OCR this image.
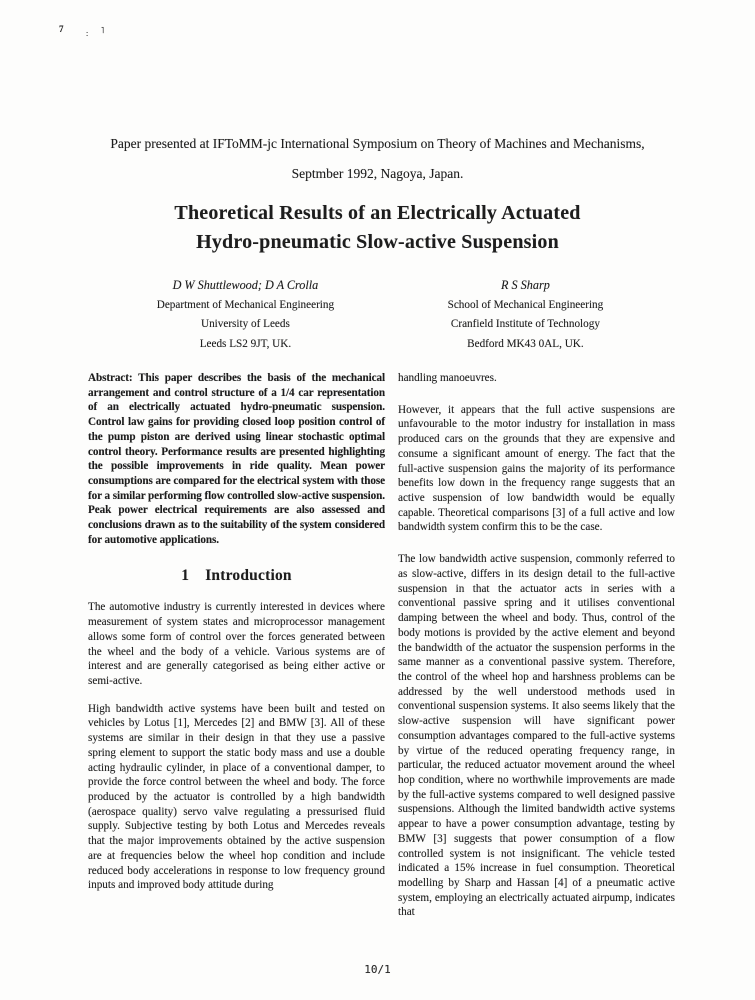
7	: ˥
Paper presented at IFToMM-jc International Symposium on Theory of Machines and Mechanisms,
Septmber 1992, Nagoya, Japan.
Theoretical Results of an Electrically Actuated
Hydro-pneumatic Slow-active Suspension
D W Shuttlewood; D A Crolla
Department of Mechanical Engineering
University of Leeds
Leeds LS2 9JT, UK.
R S Sharp
School of Mechanical Engineering
Cranfield Institute of Technology
Bedford MK43 0AL, UK.

Abstract: This paper describes the basis of the mechanical arrangement and control structure of a 1/4 car representation of an electrically actuated hydro-pneumatic suspension. Control law gains for providing closed loop position control of the pump piston are derived using linear stochastic optimal control theory. Performance results are presented highlighting the possible improvements in ride quality. Mean power consumptions are compared for the electrical system with those for a similar performing flow controlled slow-active suspension. Peak power electrical requirements are also assessed and conclusions drawn as to the suitability of the system considered for automotive applications.

1 Introduction

The automotive industry is currently interested in devices where measurement of system states and microprocessor management allows some form of control over the forces generated between the wheel and the body of a vehicle. Various systems are of interest and are generally categorised as being either active or semi-active.

High bandwidth active systems have been built and tested on vehicles by Lotus [1], Mercedes [2] and BMW [3]. All of these systems are similar in their design in that they use a passive spring element to support the static body mass and use a double acting hydraulic cylinder, in place of a conventional damper, to provide the force control between the wheel and body. The force produced by the actuator is controlled by a high bandwidth (aerospace quality) servo valve regulating a pressurised fluid supply. Subjective testing by both Lotus and Mercedes reveals that the major improvements obtained by the active suspension are at frequencies below the wheel hop condition and include reduced body accelerations in response to low frequency ground inputs and improved body attitude during

handling manoeuvres.

However, it appears that the full active suspensions are unfavourable to the motor industry for installation in mass produced cars on the grounds that they are expensive and consume a significant amount of energy. The fact that the full-active suspension gains the majority of its performance benefits low down in the frequency range suggests that an active suspension of low bandwidth would be equally capable. Theoretical comparisons [3] of a full active and low bandwidth system confirm this to be the case.

The low bandwidth active suspension, commonly referred to as slow-active, differs in its design detail to the full-active suspension in that the actuator acts in series with a conventional passive spring and it utilises conventional damping between the wheel and body. Thus, control of the body motions is provided by the active element and beyond the bandwidth of the actuator the suspension performs in the same manner as a conventional passive system. Therefore, the control of the wheel hop and harshness problems can be addressed by the well understood methods used in conventional suspension systems. It also seems likely that the slow-active suspension will have significant power consumption advantages compared to the full-active systems by virtue of the reduced operating frequency range, in particular, the reduced actuator movement around the wheel hop condition, where no worthwhile improvements are made by the full-active systems compared to well designed passive suspensions. Although the limited bandwidth active systems appear to have a power consumption advantage, testing by BMW [3] suggests that power consumption of a flow controlled system is not insignificant. The vehicle tested indicated a 15% increase in fuel consumption. Theoretical modelling by Sharp and Hassan [4] of a pneumatic active system, employing an electrically actuated airpump, indicates that

10/1
